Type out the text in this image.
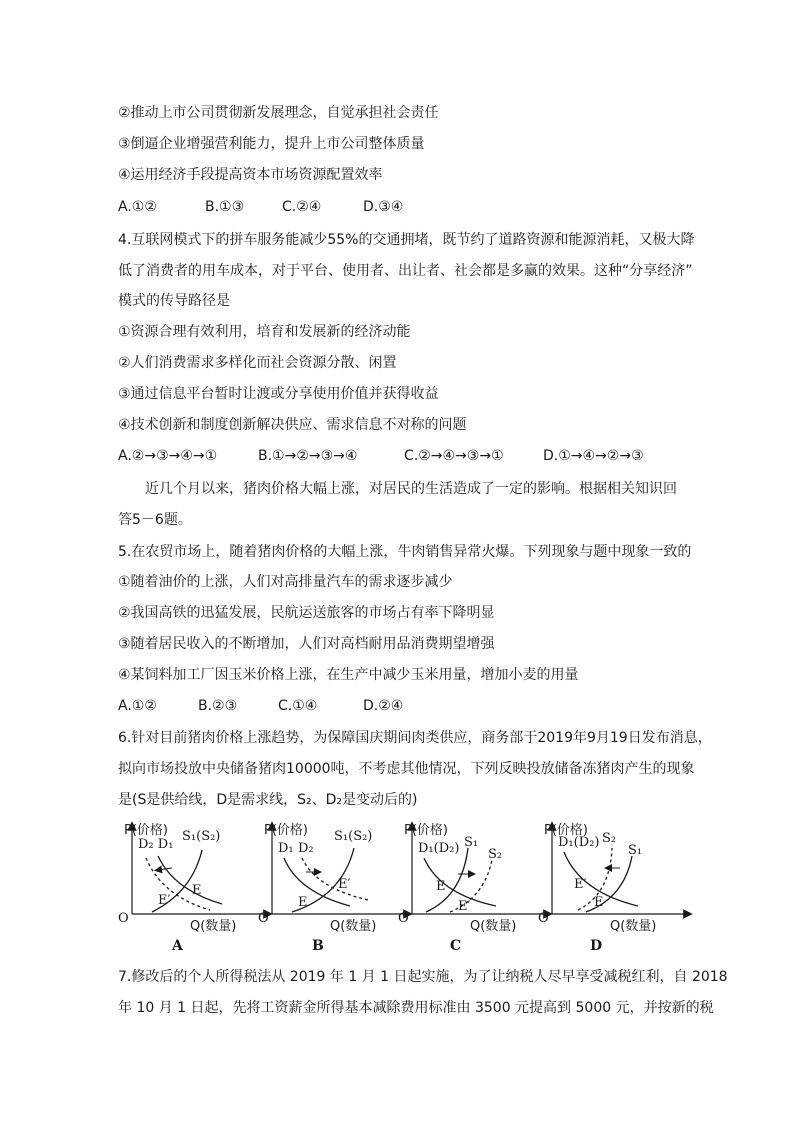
②推动上市公司贯彻新发展理念，自觉承担社会责任
③倒逼企业增强营利能力，提升上市公司整体质量
④运用经济手段提高资本市场资源配置效率
A.①②	B.①③	C.②④	D.③④
4.互联网模式下的拼车服务能减少55%的交通拥堵，既节约了道路资源和能源消耗，又极大降
低了消费者的用车成本，对于平台、使用者、出让者、社会都是多赢的效果。这种“分享经济”
模式的传导路径是
①资源合理有效利用，培育和发展新的经济动能
②人们消费需求多样化而社会资源分散、闲置
③通过信息平台暂时让渡或分享使用价值并获得收益
④技术创新和制度创新解决供应、需求信息不对称的问题
A.②→③→④→①	B.①→②→③→④	C.②→④→③→①	D.①→④→②→③
近几个月以来，猪肉价格大幅上涨，对居民的生活造成了一定的影响。根据相关知识回
答5－6题。
5.在农贸市场上，随着猪肉价格的大幅上涨，牛肉销售异常火爆。下列现象与题中现象一致的
①随着油价的上涨，人们对高排量汽车的需求逐步减少
②我国高铁的迅猛发展，民航运送旅客的市场占有率下降明显
③随着居民收入的不断增加，人们对高档耐用品消费期望增强
④某饲料加工厂因玉米价格上涨，在生产中减少玉米用量，增加小麦的用量
A.①②	B.②③	C.①④	D.②④
6.针对目前猪肉价格上涨趋势，为保障国庆期间肉类供应，商务部于2019年9月19日发布消息，
拟向市场投放中央储备猪肉10000吨，不考虑其他情况，下列反映投放储备冻猪肉产生的现象
是(S是供给线，D是需求线，S₂、D₂是变动后的)
P(价格)
Q(数量)
O
D₂ D₁
S₁(S₂)
E
E′
A
P(价格)
Q(数量)
O
D₁ D₂
S₁(S₂)
E
E′
B
P(价格)
Q(数量)
O
D₁(D₂) S₁
S₂
E
E′
C
P(价格)
Q(数量)
O
D₁(D₂) S₂
S₁
E′
E
D
7.修改后的个人所得税法从 2019 年 1 月 1 日起实施，为了让纳税人尽早享受减税红利，自 2018
年 10 月 1 日起，先将工资薪金所得基本减除费用标准由 3500 元提高到 5000 元，并按新的税
